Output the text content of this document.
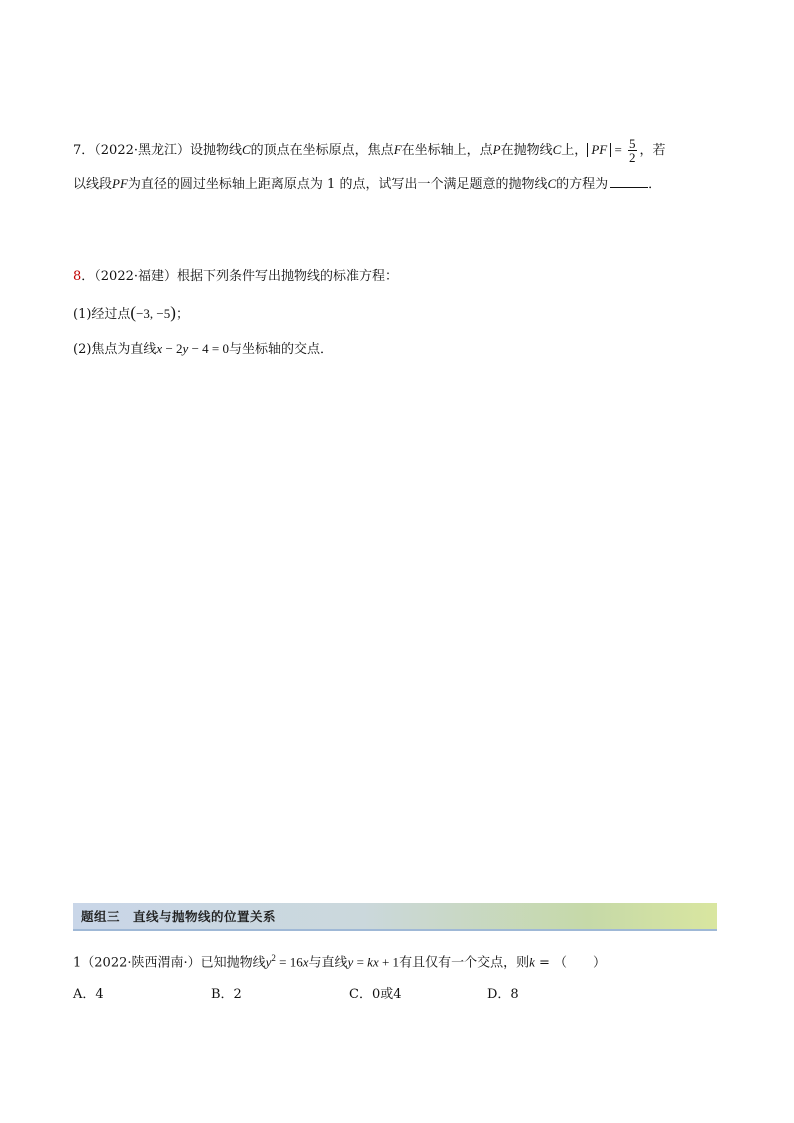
7．（2022·黑龙江）设抛物线C的顶点在坐标原点，焦点F在坐标轴上，点P在抛物线C上， PF = $\frac{5}{2}$ ，若
以线段PF为直径的圆过坐标轴上距离原点为 1 的点，试写出一个满足题意的抛物线C的方程为	．
8．（2022·福建）根据下列条件写出抛物线的标准方程：
(1)经过点(−3, −5)；
(2)焦点为直线x − 2y − 4 = 0与坐标轴的交点．
题组三　直线与抛物线的位置关系
1（2022·陕西渭南·）已知抛物线$y^2 = 16x$与直线y = kx + 1有且仅有一个交点，则k = （　　）
A．4	B．2	C．0或4	D．8
